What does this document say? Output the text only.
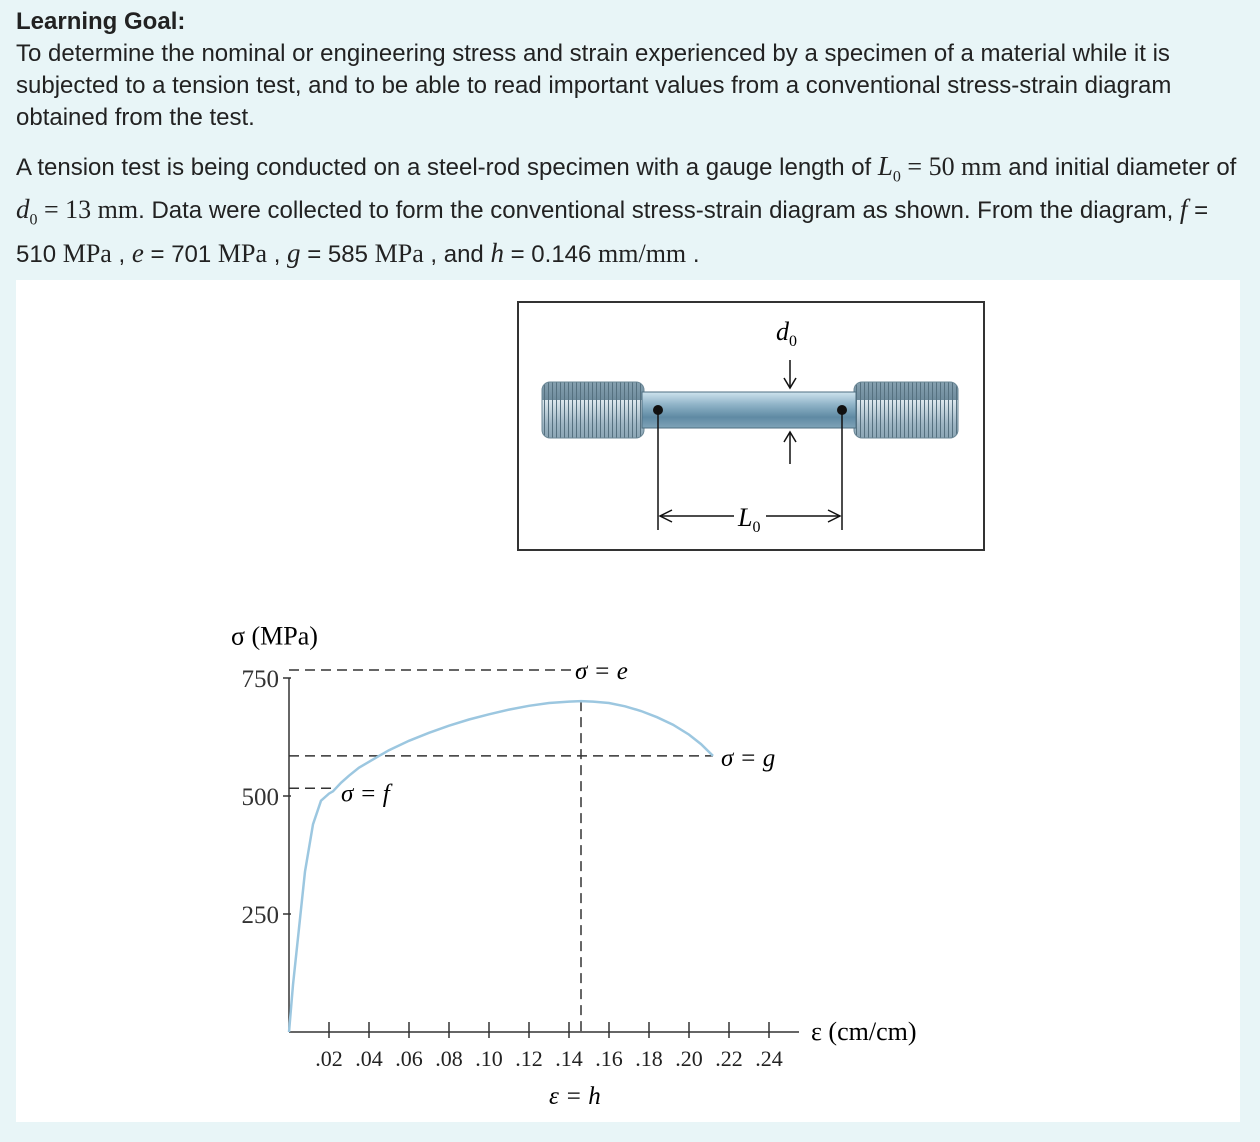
Learning Goal:

To determine the nominal or engineering stress and strain experienced by a specimen of a material while it is subjected to a tension test, and to be able to read important values from a conventional stress-strain diagram obtained from the test.

A tension test is being conducted on a steel-rod specimen with a gauge length of $L_0 = 50$ mm and initial diameter of $d_0 = 13$ mm. Data were collected to form the conventional stress-strain diagram as shown. From the diagram, f = 510 MPa , e = 701 MPa , g = 585 MPa , and h = 0.146 mm/mm .

$L_0$
$d_0$
250
500
750
.02 .04 .06 .08 .10 .12 .14 .16 .18 .20 .22 .24
σ (MPa)
ε (cm/cm)
σ = f
σ = e
σ = g
ε = h
